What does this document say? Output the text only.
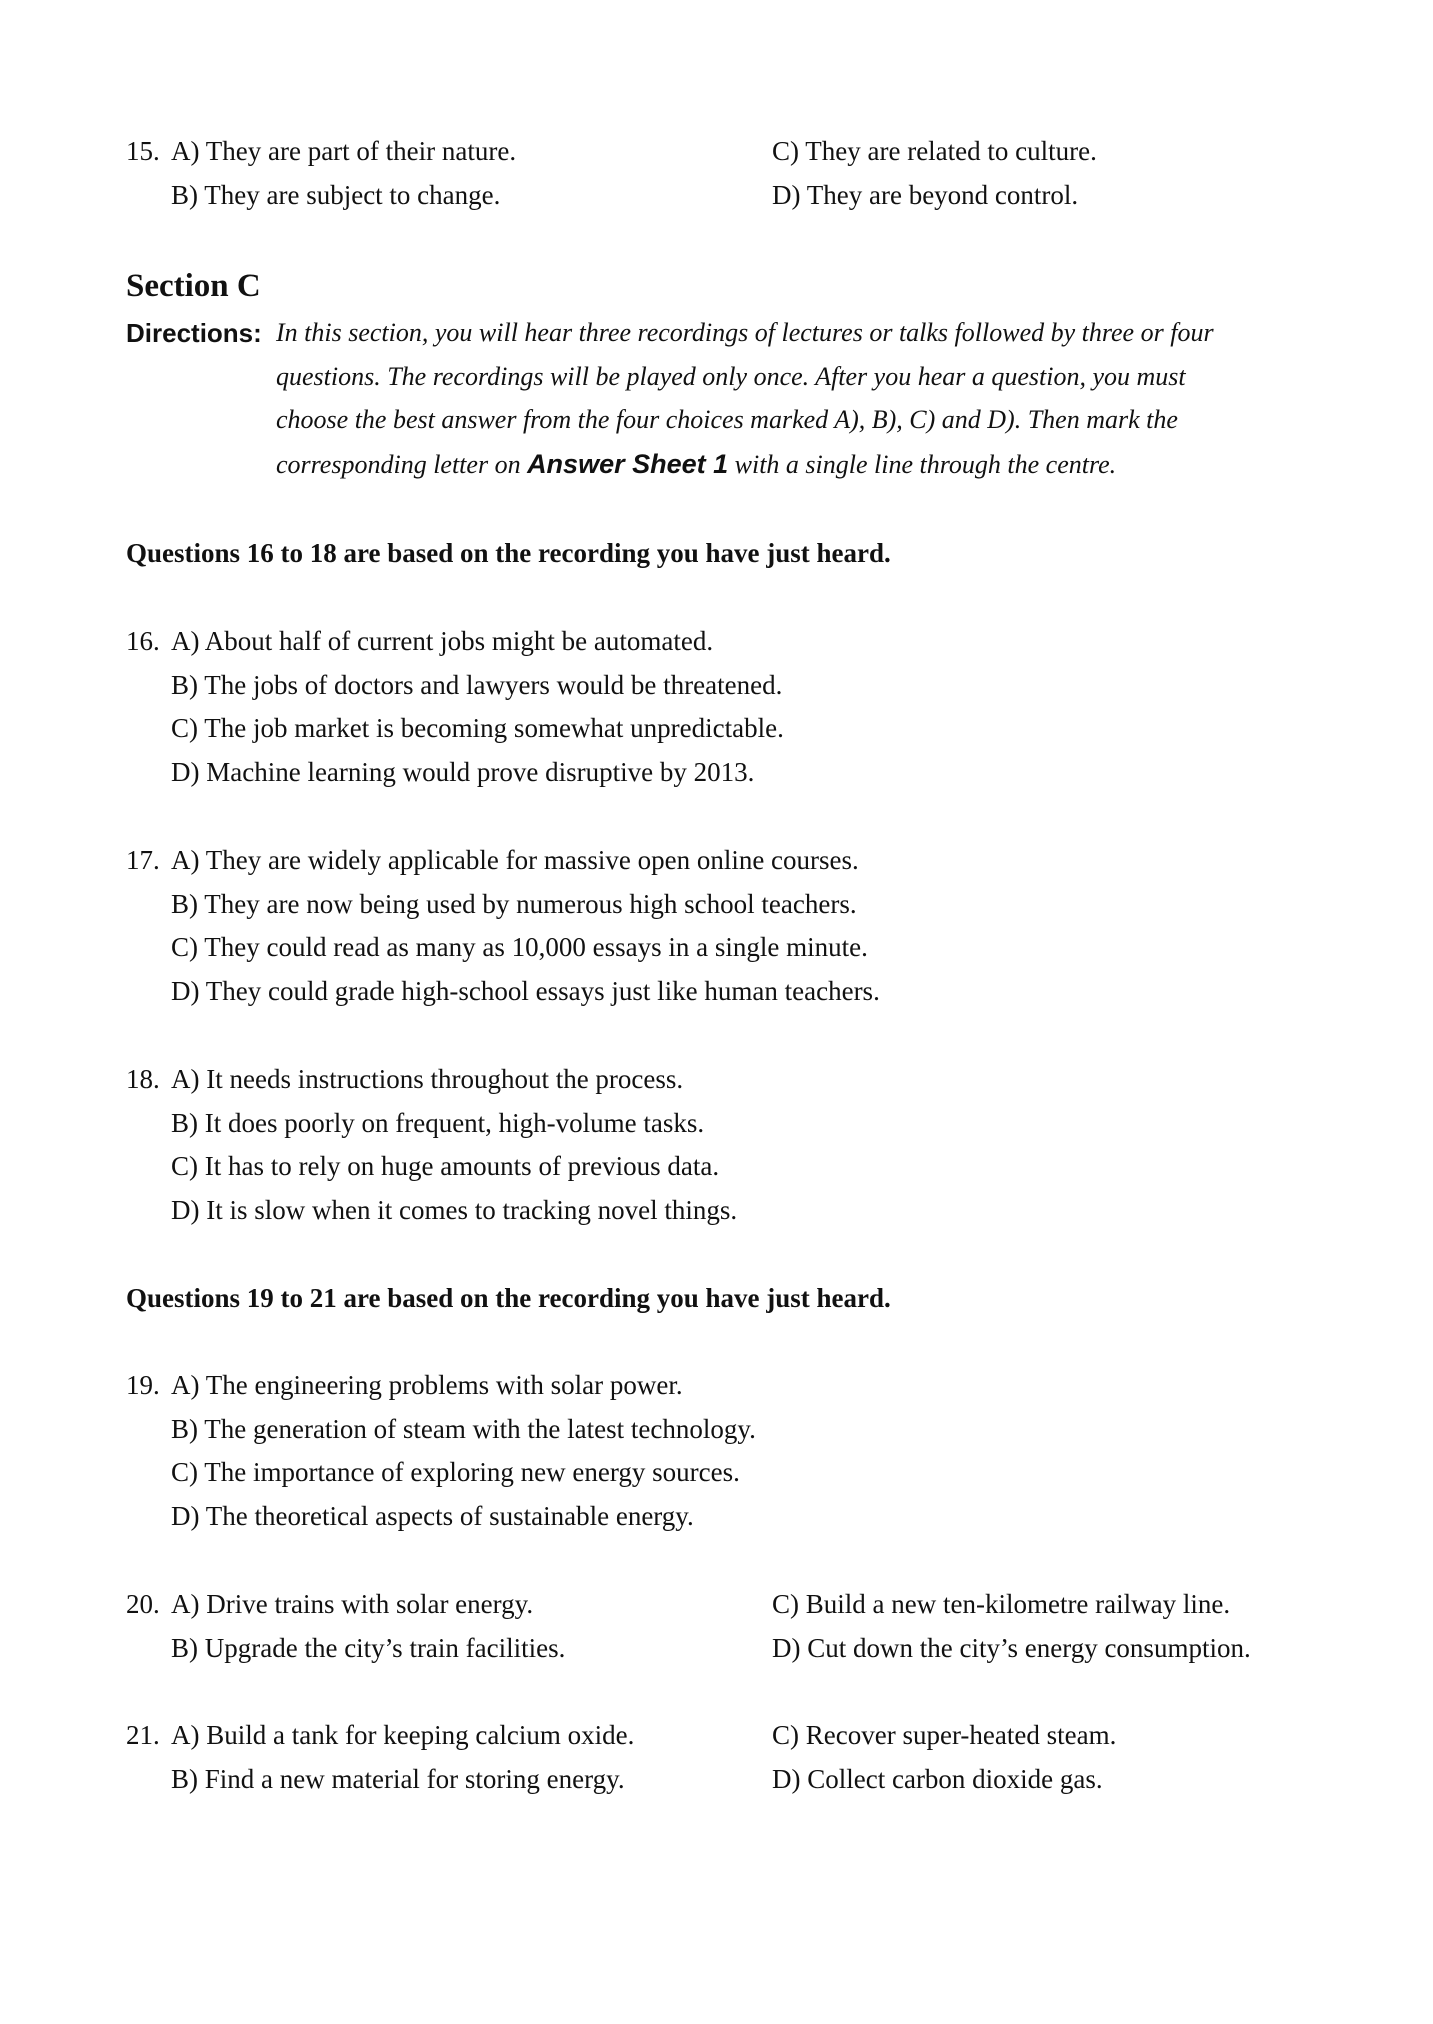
15. A) They are part of their nature.
B) They are subject to change.
C) They are related to culture.
D) They are beyond control.
Section C
Directions: In this section, you will hear three recordings of lectures or talks followed by three or four
questions. The recordings will be played only once. After you hear a question, you must
choose the best answer from the four choices marked A), B), C) and D). Then mark the
corresponding letter on Answer Sheet 1 with a single line through the centre.
Questions 16 to 18 are based on the recording you have just heard.
16. A) About half of current jobs might be automated.
B) The jobs of doctors and lawyers would be threatened.
C) The job market is becoming somewhat unpredictable.
D) Machine learning would prove disruptive by 2013.
17. A) They are widely applicable for massive open online courses.
B) They are now being used by numerous high school teachers.
C) They could read as many as 10,000 essays in a single minute.
D) They could grade high-school essays just like human teachers.
18. A) It needs instructions throughout the process.
B) It does poorly on frequent, high-volume tasks.
C) It has to rely on huge amounts of previous data.
D) It is slow when it comes to tracking novel things.
Questions 19 to 21 are based on the recording you have just heard.
19. A) The engineering problems with solar power.
B) The generation of steam with the latest technology.
C) The importance of exploring new energy sources.
D) The theoretical aspects of sustainable energy.
20. A) Drive trains with solar energy.
B) Upgrade the city’s train facilities.
C) Build a new ten-kilometre railway line.
D) Cut down the city’s energy consumption.
21. A) Build a tank for keeping calcium oxide.
B) Find a new material for storing energy.
C) Recover super-heated steam.
D) Collect carbon dioxide gas.
